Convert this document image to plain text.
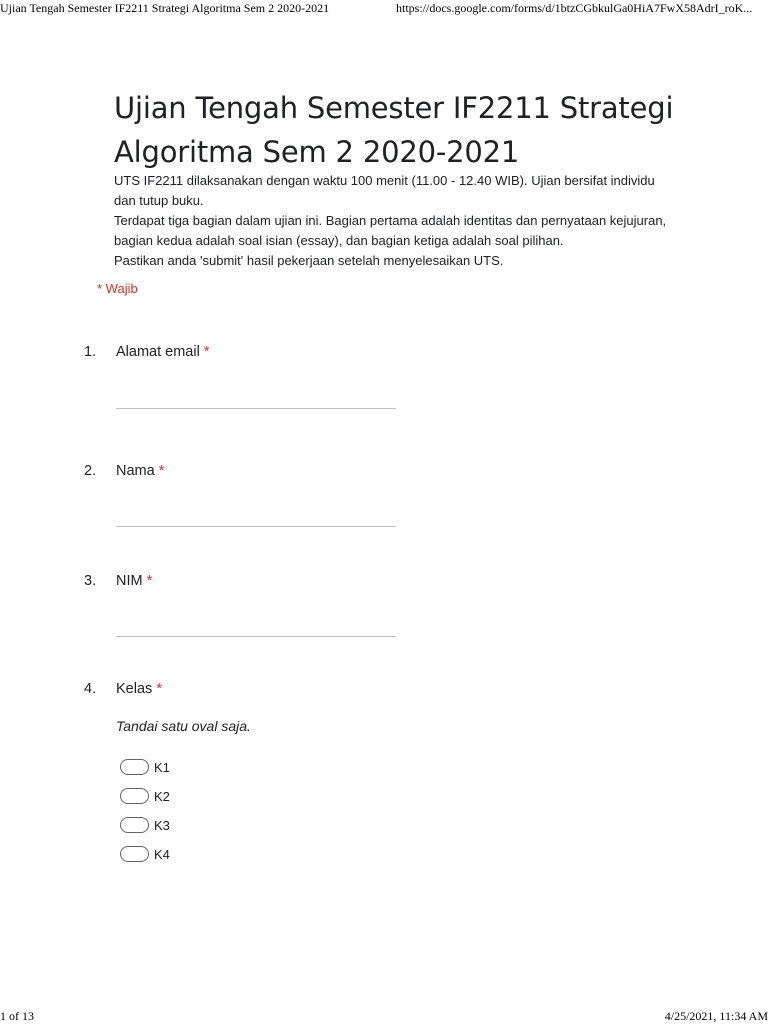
Ujian Tengah Semester IF2211 Strategi Algoritma Sem 2 2020-2021	https://docs.google.com/forms/d/1btzCGbkulGa0HiA7FwX58AdrI_roK...
Ujian Tengah Semester IF2211 Strategi Algoritma Sem 2 2020-2021

UTS IF2211 dilaksanakan dengan waktu 100 menit (11.00 - 12.40 WIB). Ujian bersifat individu dan tutup buku.

Terdapat tiga bagian dalam ujian ini. Bagian pertama adalah identitas dan pernyataan kejujuran, bagian kedua adalah soal isian (essay), dan bagian ketiga adalah soal pilihan.

Pastikan anda 'submit' hasil pekerjaan setelah menyelesaikan UTS.

* Wajib
1. Alamat email *
2. Nama *
3. NIM *
4. Kelas *
Tandai satu oval saja.
K1
K2
K3
K4
1 of 13	4/25/2021, 11:34 AM
